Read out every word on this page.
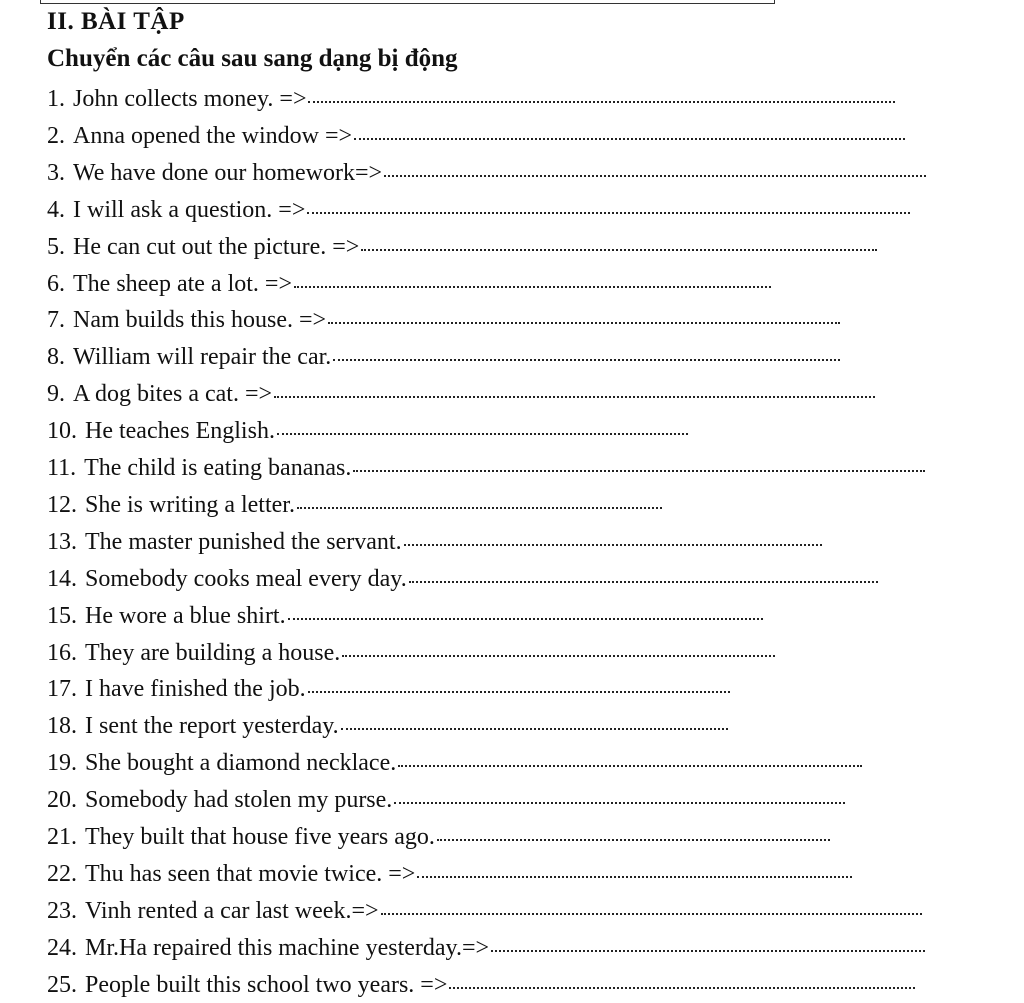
II. BÀI TẬP
Chuyển các câu sau sang dạng bị động
1. John collects money. =>
2. Anna opened the window =>
3. We have done our homework=>
4. I will ask a question. =>
5. He can cut out the picture. =>
6. The sheep ate a lot. =>
7. Nam builds this house. =>
8. William will repair the car.
9. A dog bites a cat. =>
10. He teaches English.
11. The child is eating bananas.
12. She is writing a letter.
13. The master punished the servant.
14. Somebody cooks meal every day.
15. He wore a blue shirt.
16. They are building a house.
17. I have finished the job.
18. I sent the report yesterday.
19. She bought a diamond necklace.
20. Somebody had stolen my purse.
21. They built that house five years ago.
22. Thu has seen that movie twice. =>
23. Vinh rented a car last week.=>
24. Mr.Ha repaired this machine yesterday.=>
25. People built this school two years. =>
